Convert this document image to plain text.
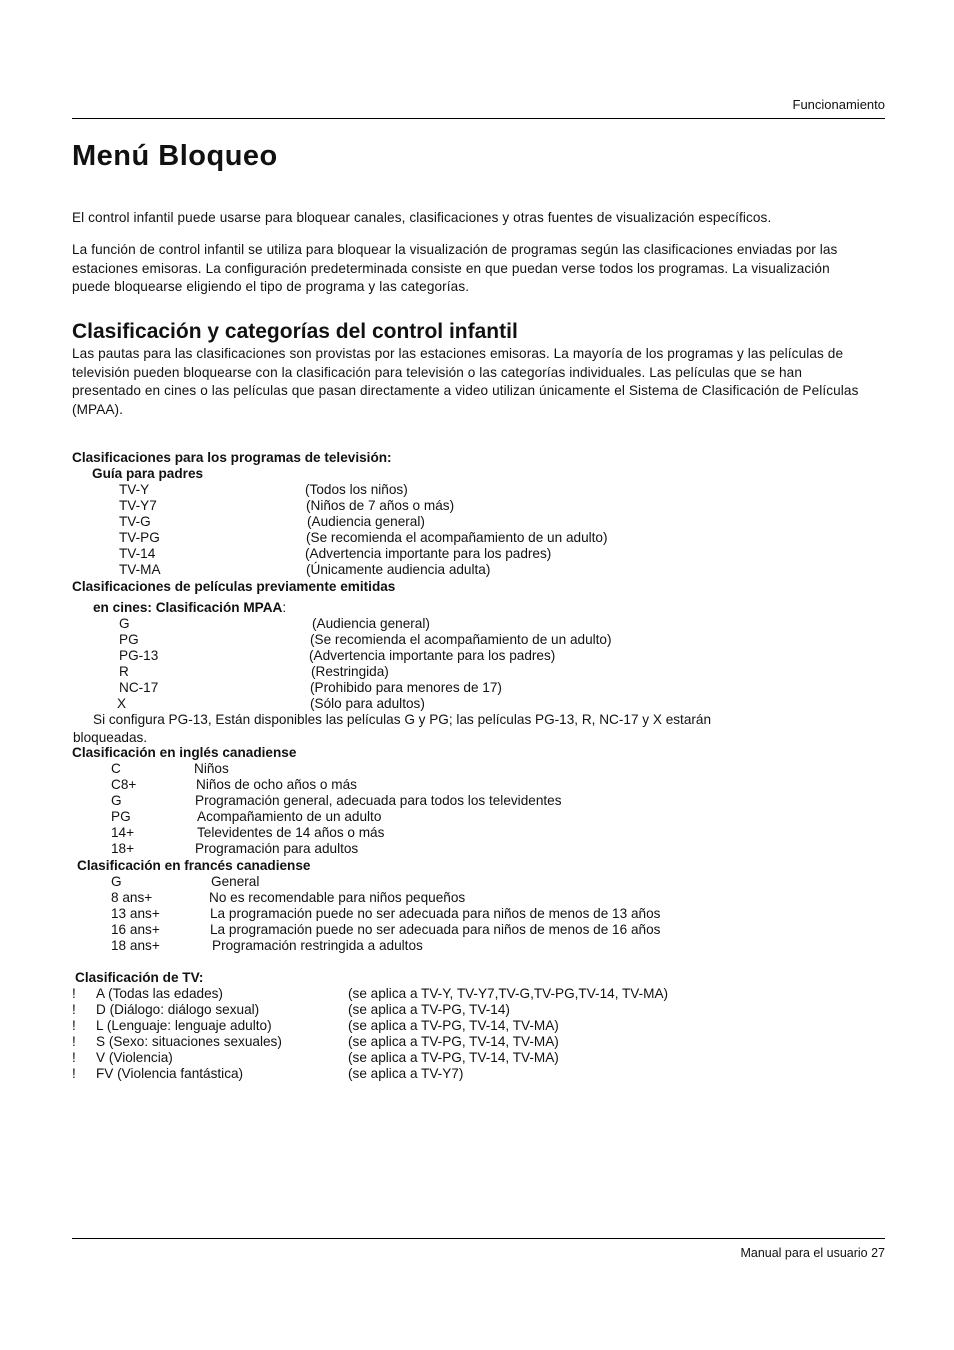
Funcionamiento
Menú Bloqueo
El control infantil puede usarse para bloquear canales, clasificaciones y otras fuentes de visualización específicos.
La función de control infantil se utiliza para bloquear la visualización de programas según las clasificaciones enviadas por las estaciones emisoras. La configuración predeterminada consiste en que puedan verse todos los programas. La visualización puede bloquearse eligiendo el tipo de programa y las categorías.
Clasificación y categorías del control infantil
Las pautas para las clasificaciones son provistas por las estaciones emisoras. La mayoría de los programas y las películas de televisión pueden bloquearse con la clasificación para televisión o las categorías individuales. Las películas que se han presentado en cines o las películas que pasan directamente a video utilizan únicamente el Sistema de Clasificación de Películas (MPAA).
Clasificaciones para los programas de televisión:
Guía para padres
TV-Y	(Todos los niños)
TV-Y7	(Niños de 7 años o más)
TV-G	(Audiencia general)
TV-PG	(Se recomienda el acompañamiento de un adulto)
TV-14	(Advertencia importante para los padres)
TV-MA	(Únicamente audiencia adulta)
Clasificaciones de películas previamente emitidas
en cines: Clasificación MPAA:
G	(Audiencia general)
PG	(Se recomienda el acompañamiento de un adulto)
PG-13	(Advertencia importante para los padres)
R	(Restringida)
NC-17	(Prohibido para menores de 17)
X	(Sólo para adultos)
Si configura PG-13, Están disponibles las películas G y PG; las películas PG-13, R, NC-17 y X estarán
bloqueadas.
Clasificación en inglés canadiense
C	Niños
C8+	Niños de ocho años o más
G	Programación general, adecuada para todos los televidentes
PG	Acompañamiento de un adulto
14+	Televidentes de 14 años o más
18+	Programación para adultos
Clasificación en francés canadiense
G	General
8 ans+	No es recomendable para niños pequeños
13 ans+	La programación puede no ser adecuada para niños de menos de 13 años
16 ans+	La programación puede no ser adecuada para niños de menos de 16 años
18 ans+	Programación restringida a adultos
Clasificación de TV:
! A (Todas las edades)	(se aplica a TV-Y, TV-Y7,TV-G,TV-PG,TV-14, TV-MA)
! D (Diálogo: diálogo sexual)	(se aplica a TV-PG, TV-14)
! L (Lenguaje: lenguaje adulto)	(se aplica a TV-PG, TV-14, TV-MA)
! S (Sexo: situaciones sexuales)	(se aplica a TV-PG, TV-14, TV-MA)
! V (Violencia)	(se aplica a TV-PG, TV-14, TV-MA)
! FV (Violencia fantástica)	(se aplica a TV-Y7)
Manual para el usuario 27
